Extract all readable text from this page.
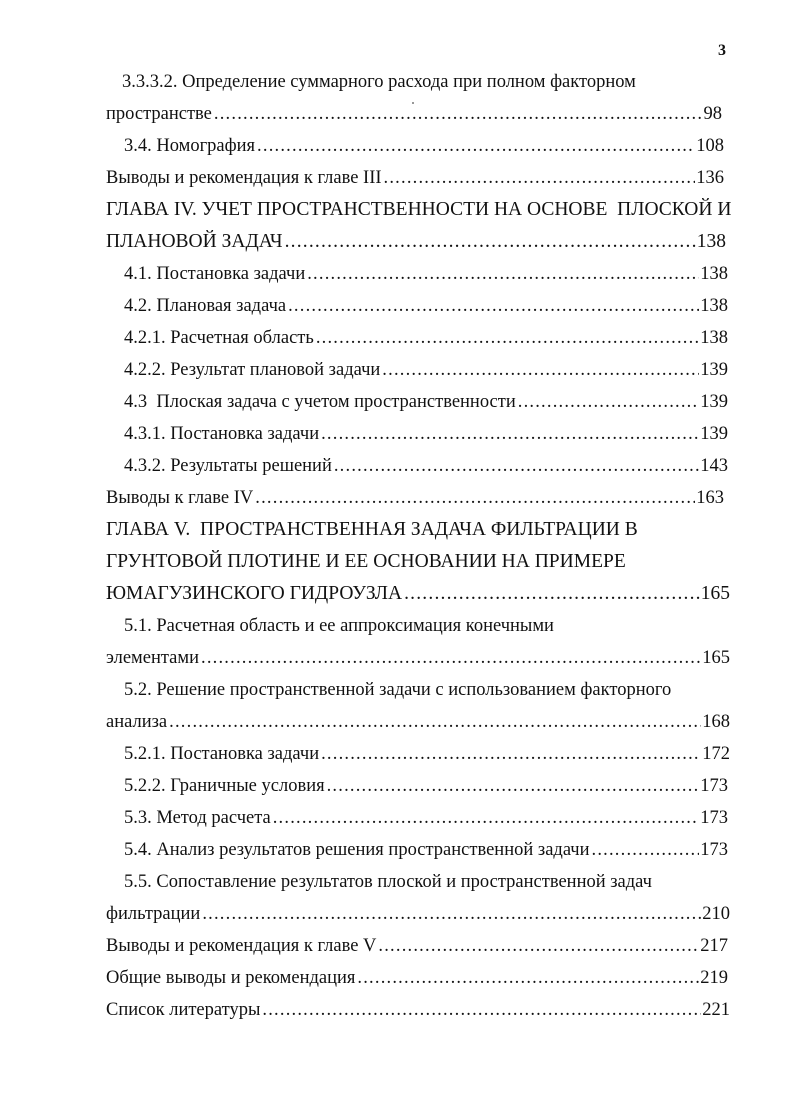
3
3.3.3.2. Определение суммарного расхода при полном факторном
пространстве .....	98
3.4. Номография .....	108
Выводы и рекомендация к главе III .....	136
ГЛАВА IV. УЧЕТ ПРОСТРАНСТВЕННОСТИ НА ОСНОВЕ  ПЛОСКОЙ И
ПЛАНОВОЙ ЗАДАЧ .....	138
4.1. Постановка задачи .....	138
4.2. Плановая задача .....	138
4.2.1. Расчетная область .....	138
4.2.2. Результат плановой задачи .....	139
4.3  Плоская задача с учетом пространственности .....	139
4.3.1. Постановка задачи .....	139
4.3.2. Результаты решений .....	143
Выводы к главе IV .....	163
ГЛАВА V.  ПРОСТРАНСТВЕННАЯ ЗАДАЧА ФИЛЬТРАЦИИ В
ГРУНТОВОЙ ПЛОТИНЕ И ЕЕ ОСНОВАНИИ НА ПРИМЕРЕ
ЮМАГУЗИНСКОГО ГИДРОУЗЛА .....	165
5.1. Расчетная область и ее аппроксимация конечными
элементами .....	165
5.2. Решение пространственной задачи с использованием факторного
анализа .....	168
5.2.1. Постановка задачи .....	172
5.2.2. Граничные условия .....	173
5.3. Метод расчета .....	173
5.4. Анализ результатов решения пространственной задачи .....	173
5.5. Сопоставление результатов плоской и пространственной задач
фильтрации .....	210
Выводы и рекомендация к главе V .....	217
Общие выводы и рекомендация .....	219
Список литературы .....	221
